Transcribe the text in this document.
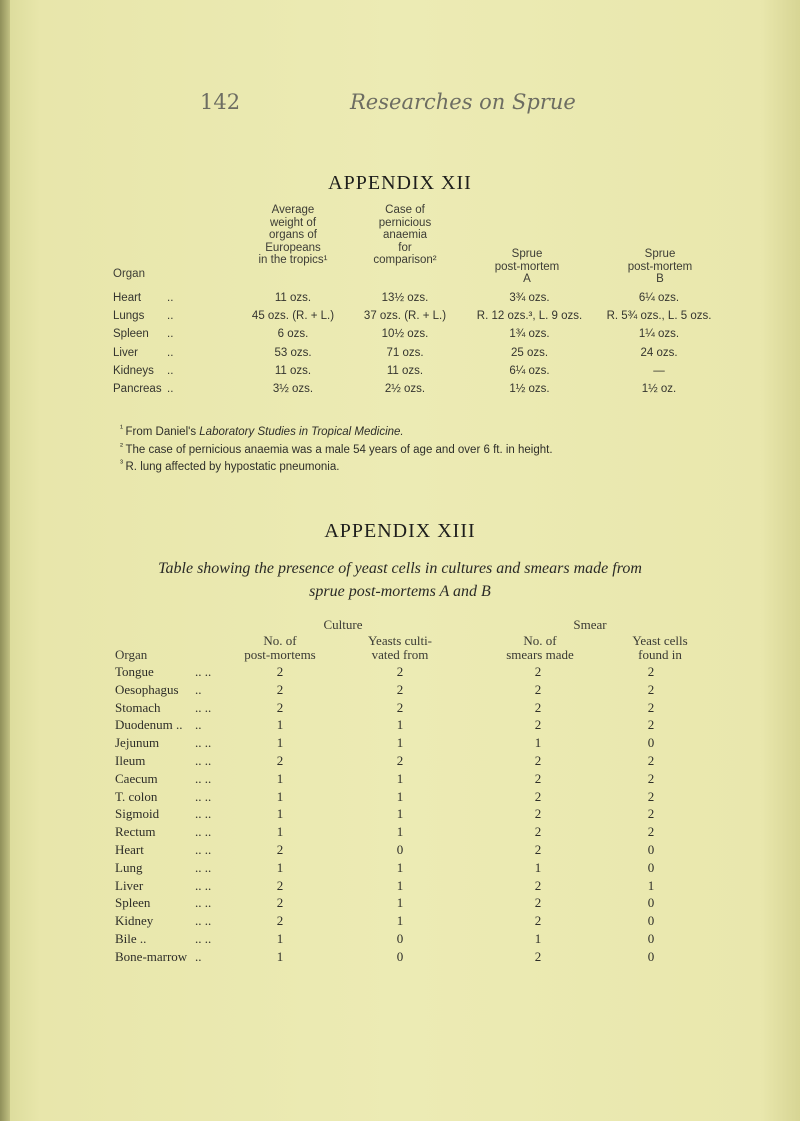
142	Researches on Sprue
APPENDIX XII
Organ
Average
weight of
organs of
Europeans
in the tropics¹
Case of
pernicious
anaemia
for
comparison²	Sprue
post-mortem
A
Sprue
post-mortem
B
Heart ..	11 ozs.	13½ ozs.	3¾ ozs.	6¼ ozs.
Lungs ..	45 ozs. (R. + L.)	37 ozs. (R. + L.)	R. 12 ozs.³, L. 9 ozs.	R. 5¾ ozs., L. 5 ozs.
Spleen ..	6 ozs.	10½ ozs.	1¾ ozs.	1¼ ozs.
Liver	..	53 ozs.	71 ozs.	25 ozs.	24 ozs.
Kidneys ..	11 ozs.	11 ozs.	6¼ ozs.	—
Pancreas ..	3½ ozs.	2½ ozs.	1½ ozs.	1½ oz.
$^{^1}$ From Daniel's Laboratory Studies in Tropical Medicine.
$^{^2}$ The case of pernicious anaemia was a male 54 years of age and over 6 ft. in height.
$^{^3}$ R. lung affected by hypostatic pneumonia.
APPENDIX XIII
Table showing the presence of yeast cells in cultures and smears made from
sprue post-mortems A and B
Culture	Smear
Organ
No. of
post-mortems
Yeasts culti-
vated from
No. of
smears made
Yeast cells
found in
Tongue	.. ..	2	2	2	2
Oesophagus ..	2	2	2	2
Stomach	.. ..	2	2	2	2
Duodenum .. ..	1	1	2	2
Jejunum	.. ..	1	1	1	0
Ileum	.. ..	2	2	2	2
Caecum	.. ..	1	1	2	2
T. colon	.. ..	1	1	2	2
Sigmoid	.. ..	1	1	2	2
Rectum	.. ..	1	1	2	2
Heart	.. ..	2	0	2	0
Lung	.. ..	1	1	1	0
Liver	.. ..	2	1	2	1
Spleen	.. ..	2	1	2	0
Kidney	.. ..	2	1	2	0
Bile ..	.. ..	1	0	1	0
Bone-marrow ..	1	0	2	0
